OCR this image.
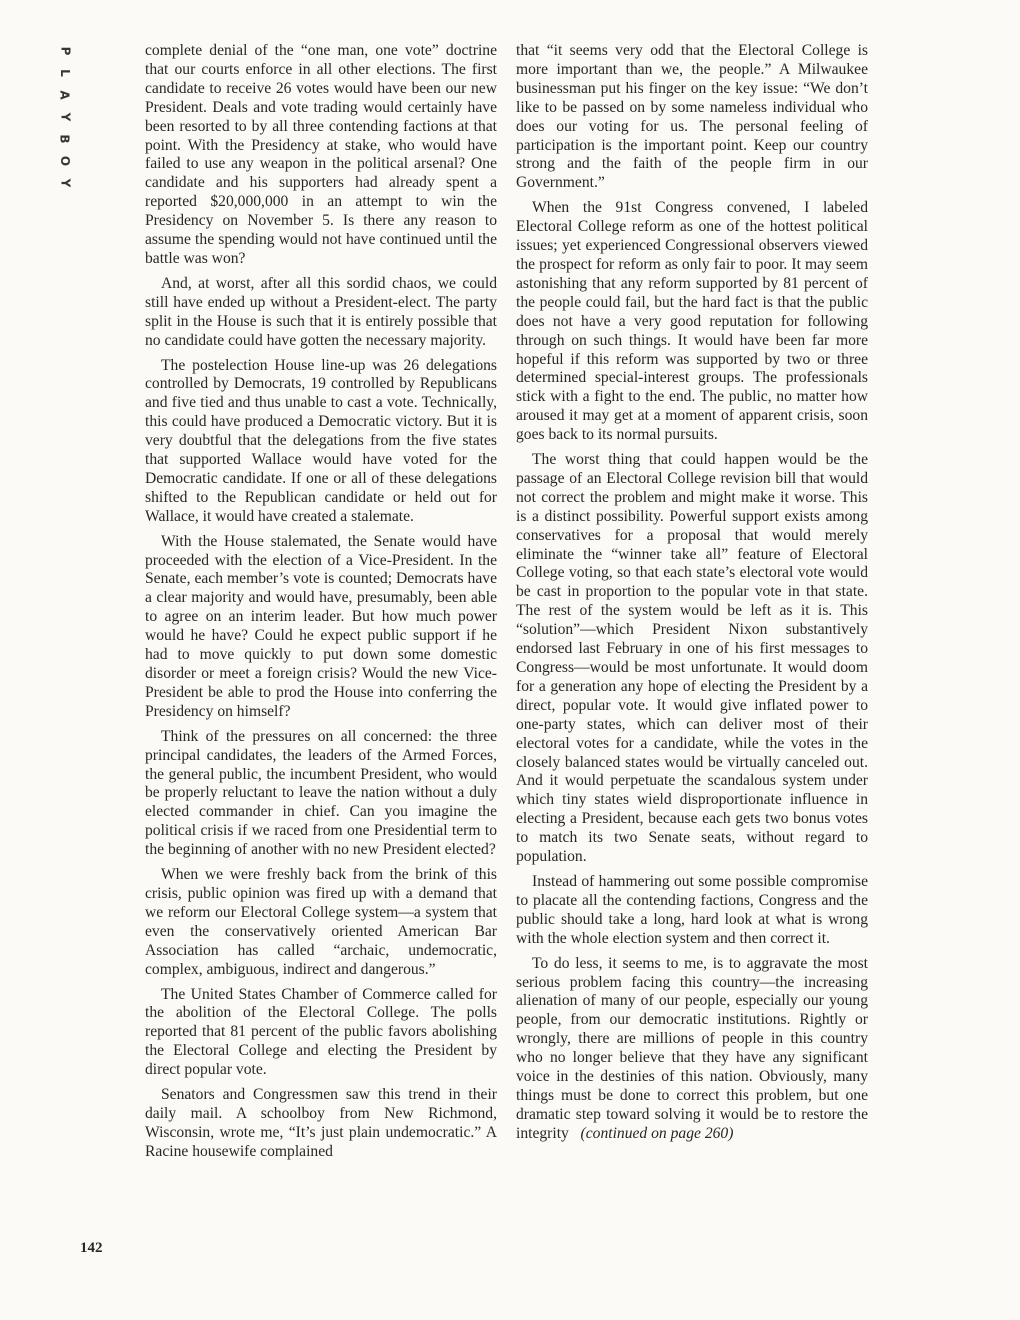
P
L
A
Y
B
O
Y

complete denial of the “one man, one vote” doctrine that our courts enforce in all other elections. The first candidate to receive 26 votes would have been our new President. Deals and vote trading would certainly have been resorted to by all three contending factions at that point. With the Presidency at stake, who would have failed to use any weapon in the political arsenal? One candidate and his supporters had already spent a reported $20,000,000 in an attempt to win the Presidency on November 5. Is there any reason to assume the spending would not have continued until the battle was won?

And, at worst, after all this sordid chaos, we could still have ended up without a President-elect. The party split in the House is such that it is entirely possible that no candidate could have gotten the necessary majority.

The postelection House line-up was 26 delegations controlled by Democrats, 19 controlled by Republicans and five tied and thus unable to cast a vote. Technically, this could have produced a Democratic victory. But it is very doubtful that the delegations from the five states that supported Wallace would have voted for the Democratic candidate. If one or all of these delegations shifted to the Republican candidate or held out for Wallace, it would have created a stalemate.

With the House stalemated, the Senate would have proceeded with the election of a Vice-President. In the Senate, each member’s vote is counted; Democrats have a clear majority and would have, presumably, been able to agree on an interim leader. But how much power would he have? Could he expect public support if he had to move quickly to put down some domestic disorder or meet a foreign crisis? Would the new Vice-President be able to prod the House into conferring the Presidency on himself?

Think of the pressures on all concerned: the three principal candidates, the leaders of the Armed Forces, the general public, the incumbent President, who would be properly reluctant to leave the nation without a duly elected commander in chief. Can you imagine the political crisis if we raced from one Presidential term to the beginning of another with no new President elected?

When we were freshly back from the brink of this crisis, public opinion was fired up with a demand that we reform our Electoral College system—a system that even the conservatively oriented American Bar Association has called “archaic, undemocratic, complex, ambiguous, indirect and dangerous.”

The United States Chamber of Commerce called for the abolition of the Electoral College. The polls reported that 81 percent of the public favors abolishing the Electoral College and electing the President by direct popular vote.

Senators and Congressmen saw this trend in their daily mail. A schoolboy from New Richmond, Wisconsin, wrote me, “It’s just plain undemocratic.” A Racine housewife complained

that “it seems very odd that the Electoral College is more important than we, the people.” A Milwaukee businessman put his finger on the key issue: “We don’t like to be passed on by some nameless individual who does our voting for us. The personal feeling of participation is the important point. Keep our country strong and the faith of the people firm in our Government.”

When the 91st Congress convened, I labeled Electoral College reform as one of the hottest political issues; yet experienced Congressional observers viewed the prospect for reform as only fair to poor. It may seem astonishing that any reform supported by 81 percent of the people could fail, but the hard fact is that the public does not have a very good reputation for following through on such things. It would have been far more hopeful if this reform was supported by two or three determined special-interest groups. The professionals stick with a fight to the end. The public, no matter how aroused it may get at a moment of apparent crisis, soon goes back to its normal pursuits.

The worst thing that could happen would be the passage of an Electoral College revision bill that would not correct the problem and might make it worse. This is a distinct possibility. Powerful support exists among conservatives for a proposal that would merely eliminate the “winner take all” feature of Electoral College voting, so that each state’s electoral vote would be cast in proportion to the popular vote in that state. The rest of the system would be left as it is. This “solution”—which President Nixon substantively endorsed last February in one of his first messages to Congress—would be most unfortunate. It would doom for a generation any hope of electing the President by a direct, popular vote. It would give inflated power to one-party states, which can deliver most of their electoral votes for a candidate, while the votes in the closely balanced states would be virtually canceled out. And it would perpetuate the scandalous system under which tiny states wield disproportionate influence in electing a President, because each gets two bonus votes to match its two Senate seats, without regard to population.

Instead of hammering out some possible compromise to placate all the contending factions, Congress and the public should take a long, hard look at what is wrong with the whole election system and then correct it.

To do less, it seems to me, is to aggravate the most serious problem facing this country—the increasing alienation of many of our people, especially our young people, from our democratic institutions. Rightly or wrongly, there are millions of people in this country who no longer believe that they have any significant voice in the destinies of this nation. Obviously, many things must be done to correct this problem, but one dramatic step toward solving it would be to restore the integrity (continued on page 260)

142
